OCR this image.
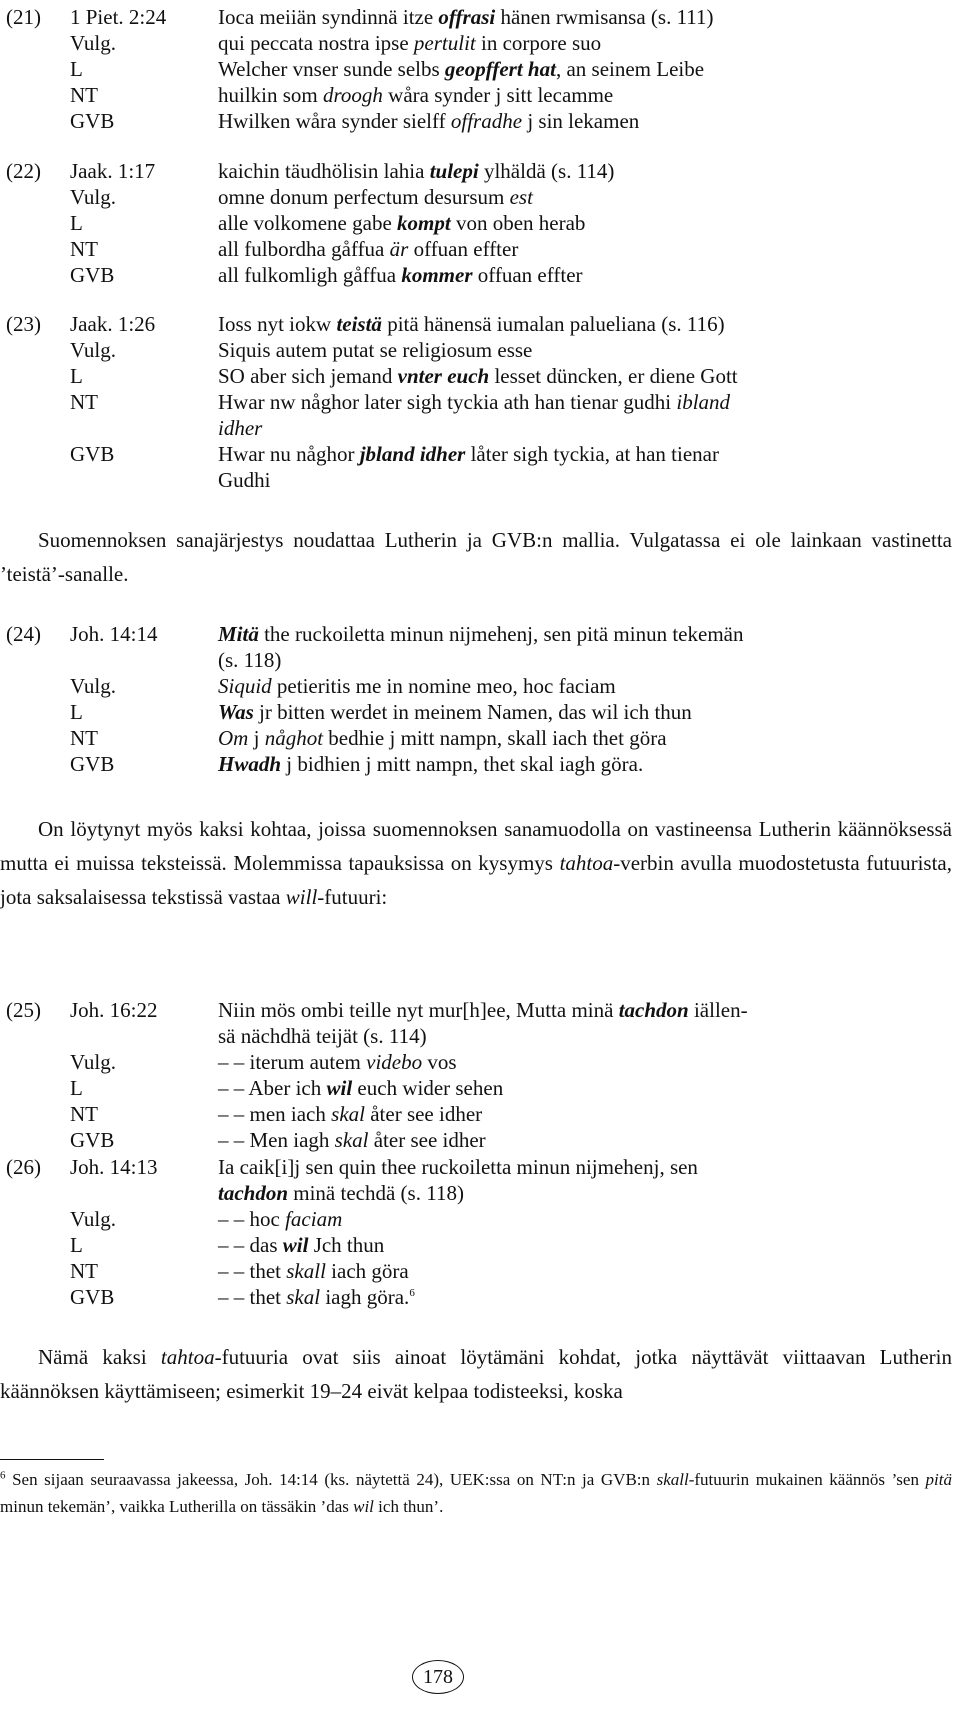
(21) 1 Piet. 2:24 Ioca meiiän syndinnä itze offrasi hänen rwmisansa (s. 111)
Vulg.	qui peccata nostra ipse pertulit in corpore suo
L	Welcher vnser sunde selbs geopffert hat, an seinem Leibe
NT	huilkin som droogh wåra synder j sitt lecamme
GVB	Hwilken wåra synder sielff offradhe j sin lekamen
(22) Jaak. 1:17	kaichin täudhölisin lahia tulepi ylhäldä (s. 114)
Vulg.	omne donum perfectum desursum est
L	alle volkomene gabe kompt von oben herab
NT	all fulbordha gåffua är offuan effter
GVB	all fulkomligh gåffua kommer offuan effter
(23) Jaak. 1:26	Ioss nyt iokw teistä pitä hänensä iumalan palueliana (s. 116)
Vulg.	Siquis autem putat se religiosum esse
L	SO aber sich jemand vnter euch lesset düncken, er diene Gott
NT	Hwar nw någhor later sigh tyckia ath han tienar gudhi ibland
idher
GVB	Hwar nu någhor jbland idher låter sigh tyckia, at han tienar
Gudhi
Suomennoksen sanajärjestys noudattaa Lutherin ja GVB:n mallia. Vulgatassa ei ole lainkaan vastinetta ’teistä’-sanalle.
(24) Joh. 14:14	Mitä the ruckoiletta minun nijmehenj, sen pitä minun tekemän
(s. 118)
Vulg.	Siquid petieritis me in nomine meo, hoc faciam
L	Was jr bitten werdet in meinem Namen, das wil ich thun
NT	Om j någhot bedhie j mitt nampn, skall iach thet göra
GVB	Hwadh j bidhien j mitt nampn, thet skal iagh göra.
On löytynyt myös kaksi kohtaa, joissa suomennoksen sanamuodolla on vastineensa Lutherin käännöksessä mutta ei muissa teksteissä. Molemmissa tapauksissa on kysymys tahtoa-verbin avulla muodostetusta futuurista, jota saksalaisessa tekstissä vastaa will-futuuri:
(25) Joh. 16:22	Niin mös ombi teille nyt mur[h]ee, Mutta minä tachdon iällen-
sä nächdhä teijät (s. 114)
Vulg.	– – iterum autem videbo vos
L	– – Aber ich wil euch wider sehen
NT	– – men iach skal åter see idher
GVB	– – Men iagh skal åter see idher
(26) Joh. 14:13	Ia caik[i]j sen quin thee ruckoiletta minun nijmehenj, sen
tachdon minä techdä (s. 118)
Vulg.	– – hoc faciam
L	– – das wil Jch thun
NT	– – thet skall iach göra
GVB	– – thet skal iagh göra.$^6$
Nämä kaksi tahtoa-futuuria ovat siis ainoat löytämäni kohdat, jotka näyttävät viittaavan Lutherin käännöksen käyttämiseen; esimerkit 19–24 eivät kelpaa todisteeksi, koska
$^6$ Sen sijaan seuraavassa jakeessa, Joh. 14:14 (ks. näytettä 24), UEK:ssa on NT:n ja GVB:n skall-futuurin mukainen käännös ’sen pitä minun tekemän’, vaikka Lutherilla on tässäkin ’das wil ich thun’.
178
